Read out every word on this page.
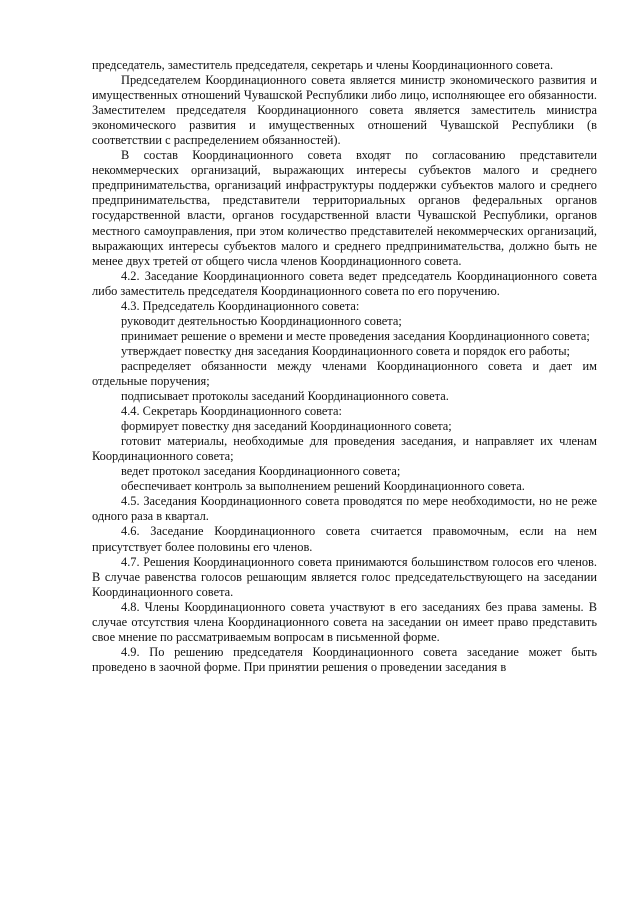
председатель, заместитель председателя, секретарь и члены Координационного совета.

Председателем Координационного совета является министр экономического развития и имущественных отношений Чувашской Республики либо лицо, исполняющее его обязанности. Заместителем председателя Координационного совета является заместитель министра экономического развития и имущественных отношений Чувашской Республики (в соответствии с распределением обязанностей).

В состав Координационного совета входят по согласованию представители некоммерческих организаций, выражающих интересы субъектов малого и среднего предпринимательства, организаций инфраструктуры поддержки субъектов малого и среднего предпринимательства, представители территориальных органов федеральных органов государственной власти, органов государственной власти Чувашской Республики, органов местного самоуправления, при этом количество представителей некоммерческих организаций, выражающих интересы субъектов малого и среднего предпринимательства, должно быть не менее двух третей от общего числа членов Координационного совета.

4.2. Заседание Координационного совета ведет председатель Координационного совета либо заместитель председателя Координационного совета по его поручению.

4.3. Председатель Координационного совета:

руководит деятельностью Координационного совета;

принимает решение о времени и месте проведения заседания Координационного совета;

утверждает повестку дня заседания Координационного совета и порядок его работы;

распределяет обязанности между членами Координационного совета и дает им отдельные поручения;

подписывает протоколы заседаний Координационного совета.

4.4. Секретарь Координационного совета:

формирует повестку дня заседаний Координационного совета;

готовит материалы, необходимые для проведения заседания, и направляет их членам Координационного совета;

ведет протокол заседания Координационного совета;

обеспечивает контроль за выполнением решений Координационного совета.

4.5. Заседания Координационного совета проводятся по мере необходимости, но не реже одного раза в квартал.

4.6. Заседание Координационного совета считается правомочным, если на нем присутствует более половины его членов.

4.7. Решения Координационного совета принимаются большинством голосов его членов. В случае равенства голосов решающим является голос председательствующего на заседании Координационного совета.

4.8. Члены Координационного совета участвуют в его заседаниях без права замены. В случае отсутствия члена Координационного совета на заседании он имеет право представить свое мнение по рассматриваемым вопросам в письменной форме.

4.9. По решению председателя Координационного совета заседание может быть проведено в заочной форме. При принятии решения о проведении заседания в
